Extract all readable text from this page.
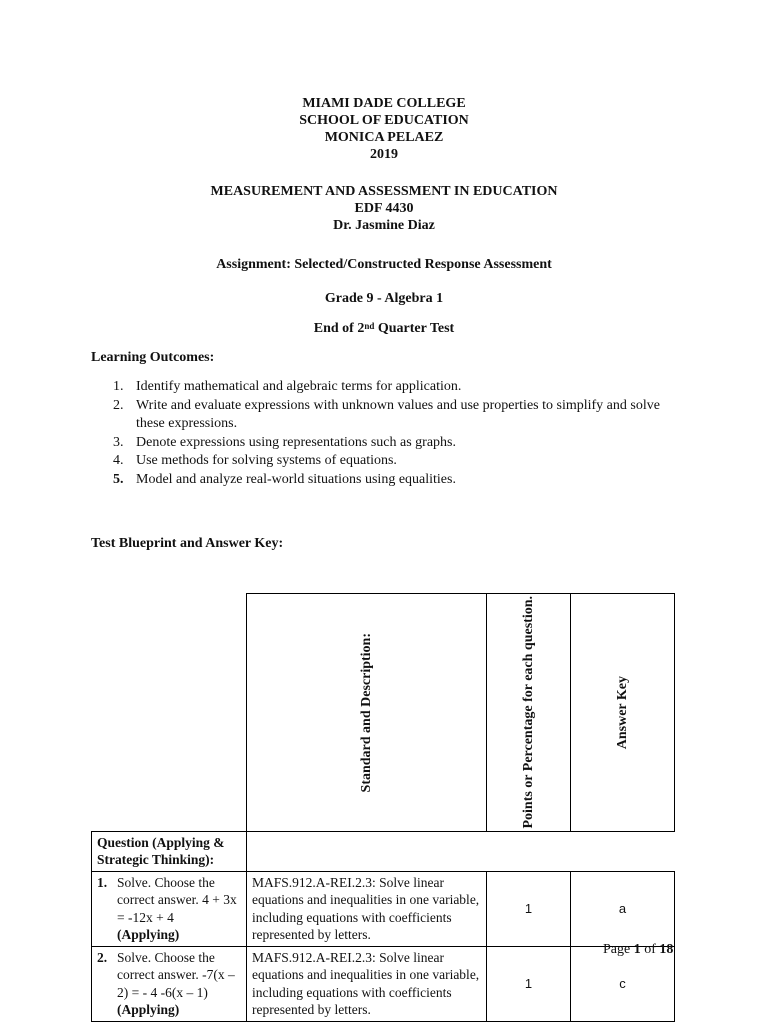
MIAMI DADE COLLEGE
SCHOOL OF EDUCATION
MONICA PELAEZ
2019
MEASUREMENT AND ASSESSMENT IN EDUCATION
EDF 4430
Dr. Jasmine Diaz
Assignment: Selected/Constructed Response Assessment
Grade 9 - Algebra 1
End of 2nd Quarter Test
Learning Outcomes:
1. Identify mathematical and algebraic terms for application.
2. Write and evaluate expressions with unknown values and use properties to simplify and solve these expressions.
3. Denote expressions using representations such as graphs.
4. Use methods for solving systems of equations.
5. Model and analyze real-world situations using equalities.
Test Blueprint and Answer Key:

	Standard and Description:	Points or Percentage for each question.	Answer Key

Question (Applying & Strategic Thinking):			

1. Solve. Choose the correct answer. 4 + 3x = -12x + 4
(Applying)	MAFS.912.A-REI.2.3: Solve linear equations and inequalities in one variable, including equations with coefficients represented by letters.	1	a

2. Solve. Choose the correct answer. -7(x – 2) = - 4 -6(x – 1) (Applying)	MAFS.912.A-REI.2.3: Solve linear equations and inequalities in one variable, including equations with coefficients represented by letters.	1	c
Page 1 of 18
